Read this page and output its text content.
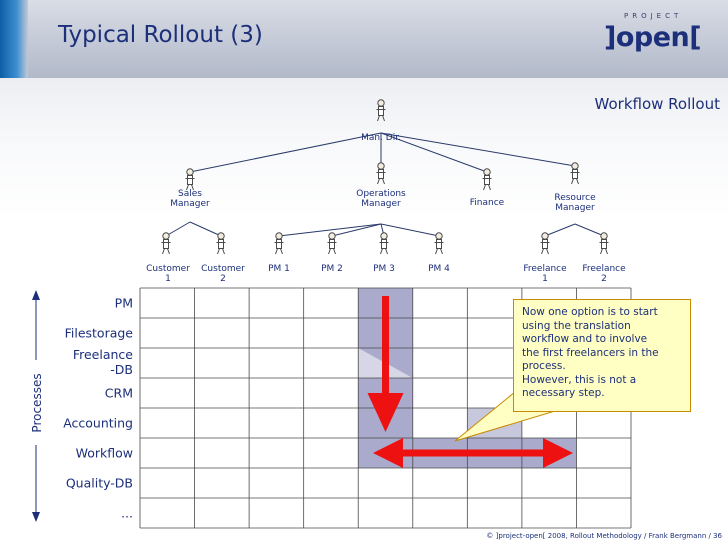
Typical Rollout (3)
PROJECT
]open[
Workflow Rollout
Man. Dir.
Sales Manager
Operations Manager	Finance	Resource Manager
Customer 1
Customer 2
PM 1	PM 2	PM 3	PM 4	Freelance 1
Freelance 2
PM
Filestorage
Freelance -DB
CRM
Accounting
Workflow
Quality-DB
...
Processes
Now one option is to start
using the translation
workflow and to involve
the first freelancers in the
process.
However, this is not a
necessary step.
© ]project-open[ 2008, Rollout Methodology / Frank Bergmann / 36
